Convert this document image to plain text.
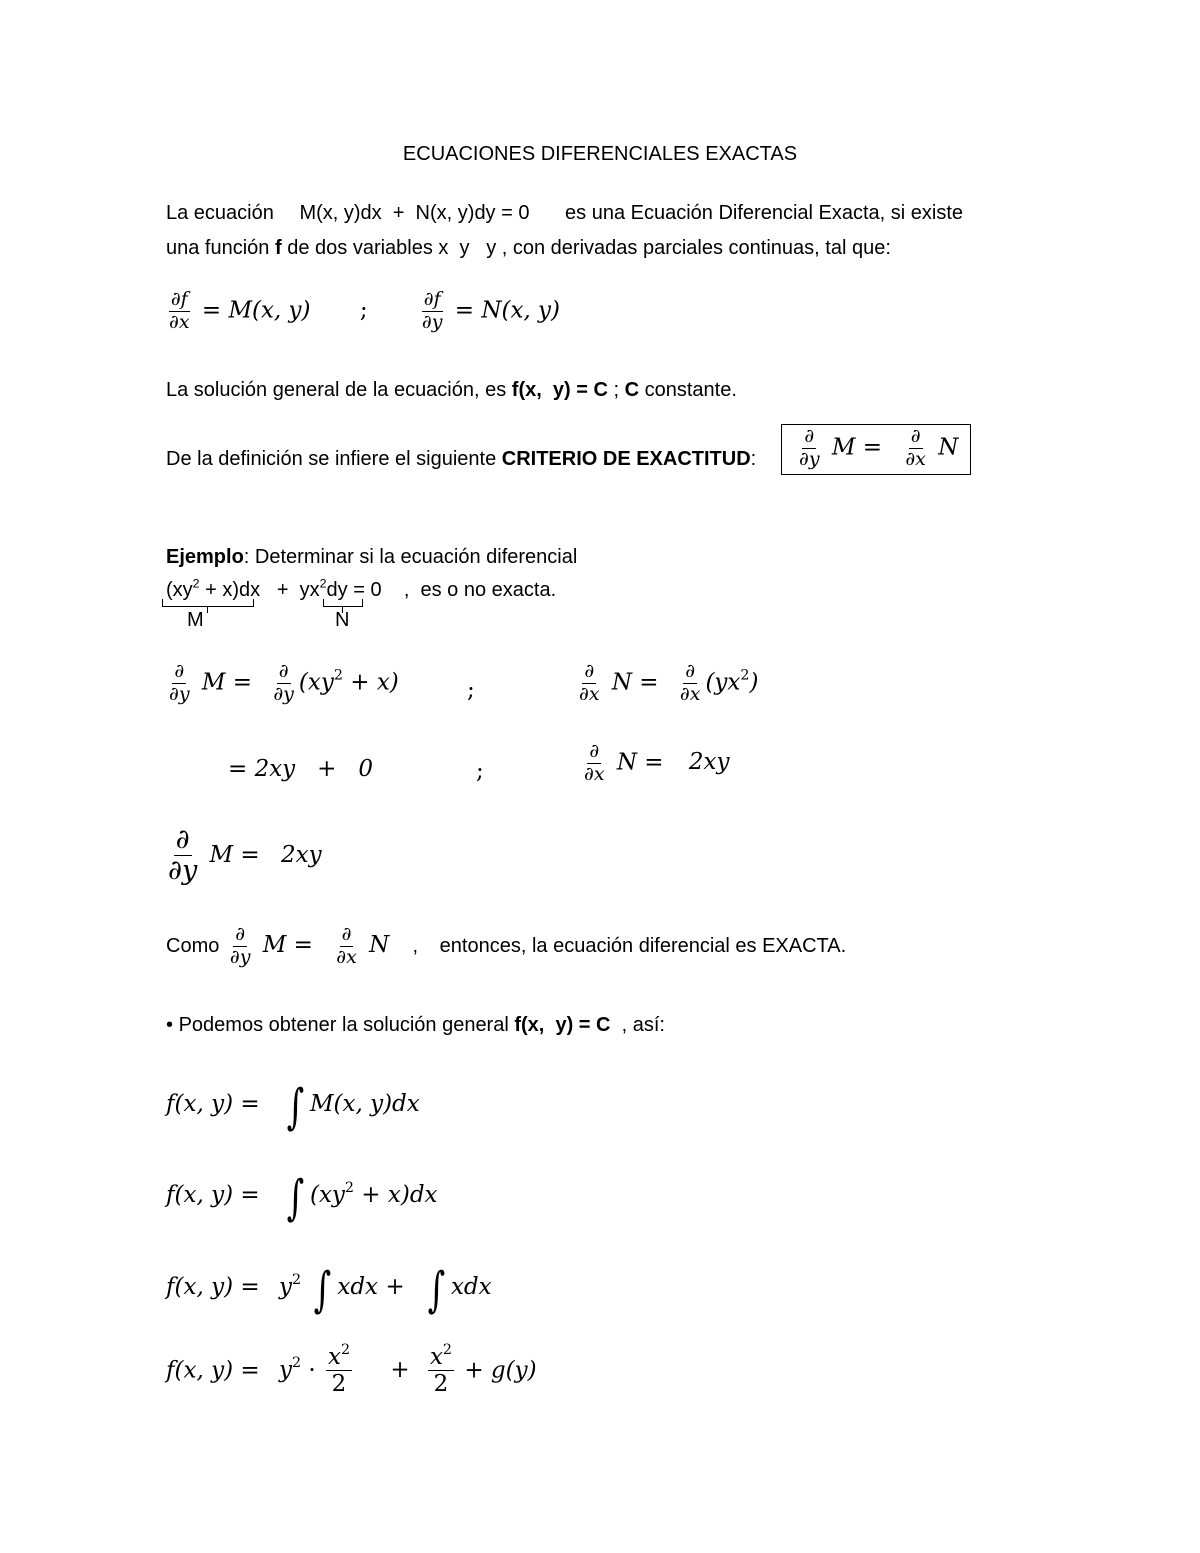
ECUACIONES DIFERENCIALES EXACTAS
La ecuación M(x, y)dx  +  N(x, y)dy = 0 es una Ecuación Diferencial Exacta, si existe
una función f de dos variables x  y   y , con derivadas parciales continuas, tal que:
$\frac{\partial f}{\partial x} = M(x$, y) ;	$\frac{\partial f}{\partial y} = N(x$, y)
La solución general de la ecuación, es f(x,  y) = C ; C constante.
De la definición se infiere el siguiente CRITERIO DE EXACTITUD: $\frac{\partial}{\partial y}$ $M = \frac{\partial}{\partial x}$ N
Ejemplo: Determinar si la ecuación diferencial
$(xy^2 + x)dx + yx^2dy = 0$ ,  es o no exacta.
M	N
$\frac{\partial}{\partial y}$ $M = \frac{\partial}{\partial y} (xy^2 + x)$	;	$\frac{\partial}{\partial x}$ $N = \frac{\partial}{\partial x} (yx^2)$
= 2xy   +   0	;	$\frac{\partial}{\partial x}$ N = 2xy
$\frac{\partial}{\partial y}$ M = 2xy
Como $\frac{\partial}{\partial y}$ $M = \frac{\partial}{\partial x}$ N , entonces, la ecuación diferencial es EXACTA.
• Podemos obtener la solución general f(x,  y) = C  , así:
f(x, y) = ∫ M(x, y)dx
f(x, y) = ∫ $(xy^2 + x)dx$
f(x, $y) = y^2$ ∫ xdx + ∫ xdx
f(x, $y) = y^2 \cdot \frac{x^2}{2} + \frac{x^2}{2} + g(y)$
